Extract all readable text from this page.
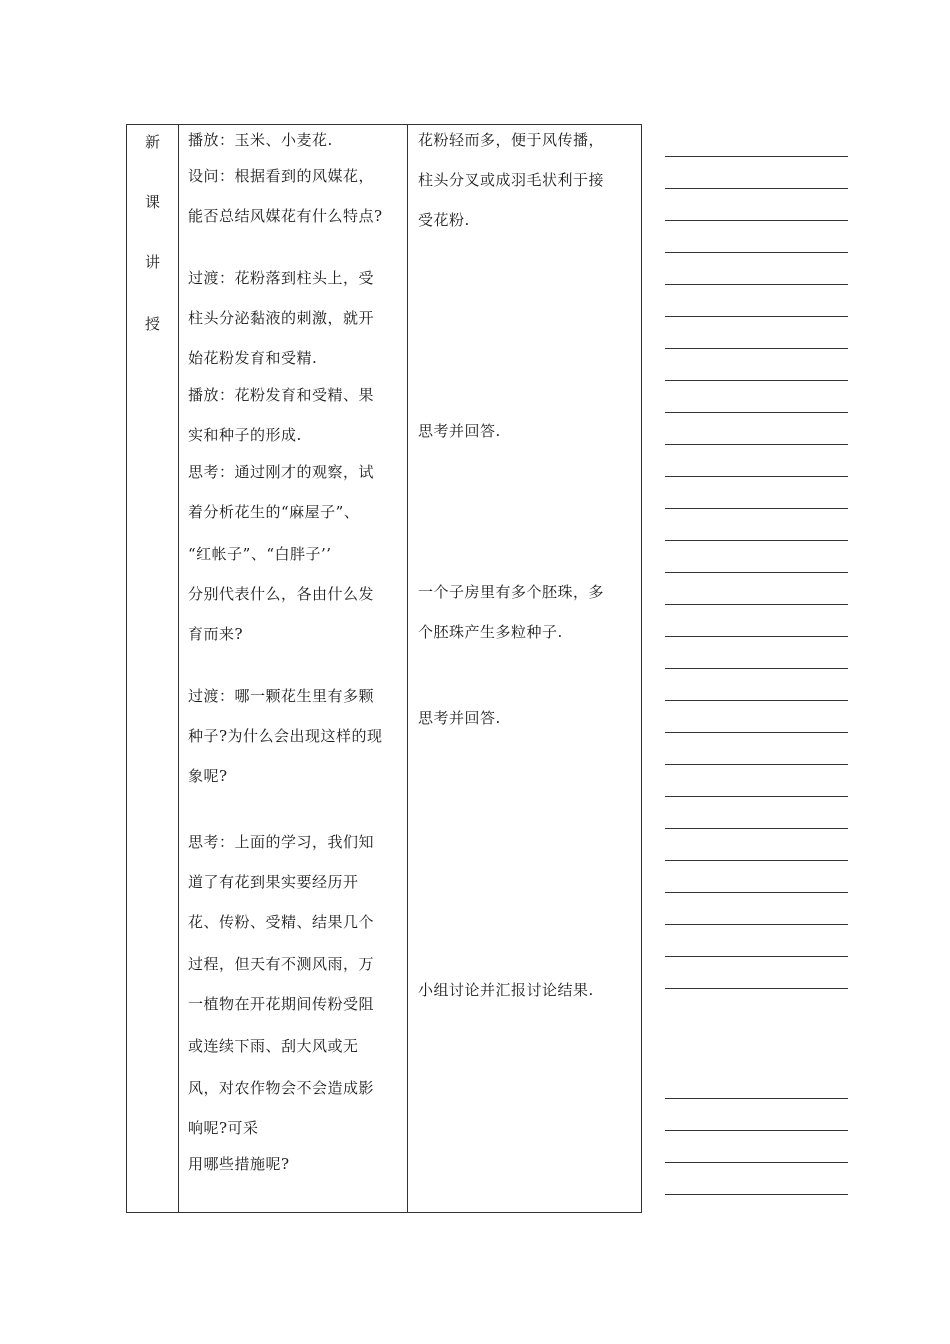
新
课
讲
授
播放：玉米、小麦花.
设问：根据看到的风媒花，
能否总结风媒花有什么特点?
过渡：花粉落到柱头上，受
柱头分泌黏液的刺激，就开
始花粉发育和受精.
播放：花粉发育和受精、果
实和种子的形成.
思考：通过刚才的观察，试
着分析花生的“麻屋子”、
“红帐子”、“白胖子’’
分别代表什么，各由什么发
育而来?
过渡：哪一颗花生里有多颗
种子?为什么会出现这样的现
象呢?
思考：上面的学习，我们知
道了有花到果实要经历开
花、传粉、受精、结果几个
过程，但天有不测风雨，万
一植物在开花期间传粉受阻
或连续下雨、刮大风或无
风，对农作物会不会造成影
响呢?可采
用哪些措施呢?
花粉轻而多，便于风传播，
柱头分叉或成羽毛状利于接
受花粉.
思考并回答.
一个子房里有多个胚珠，多
个胚珠产生多粒种子.
思考并回答.
小组讨论并汇报讨论结果.
